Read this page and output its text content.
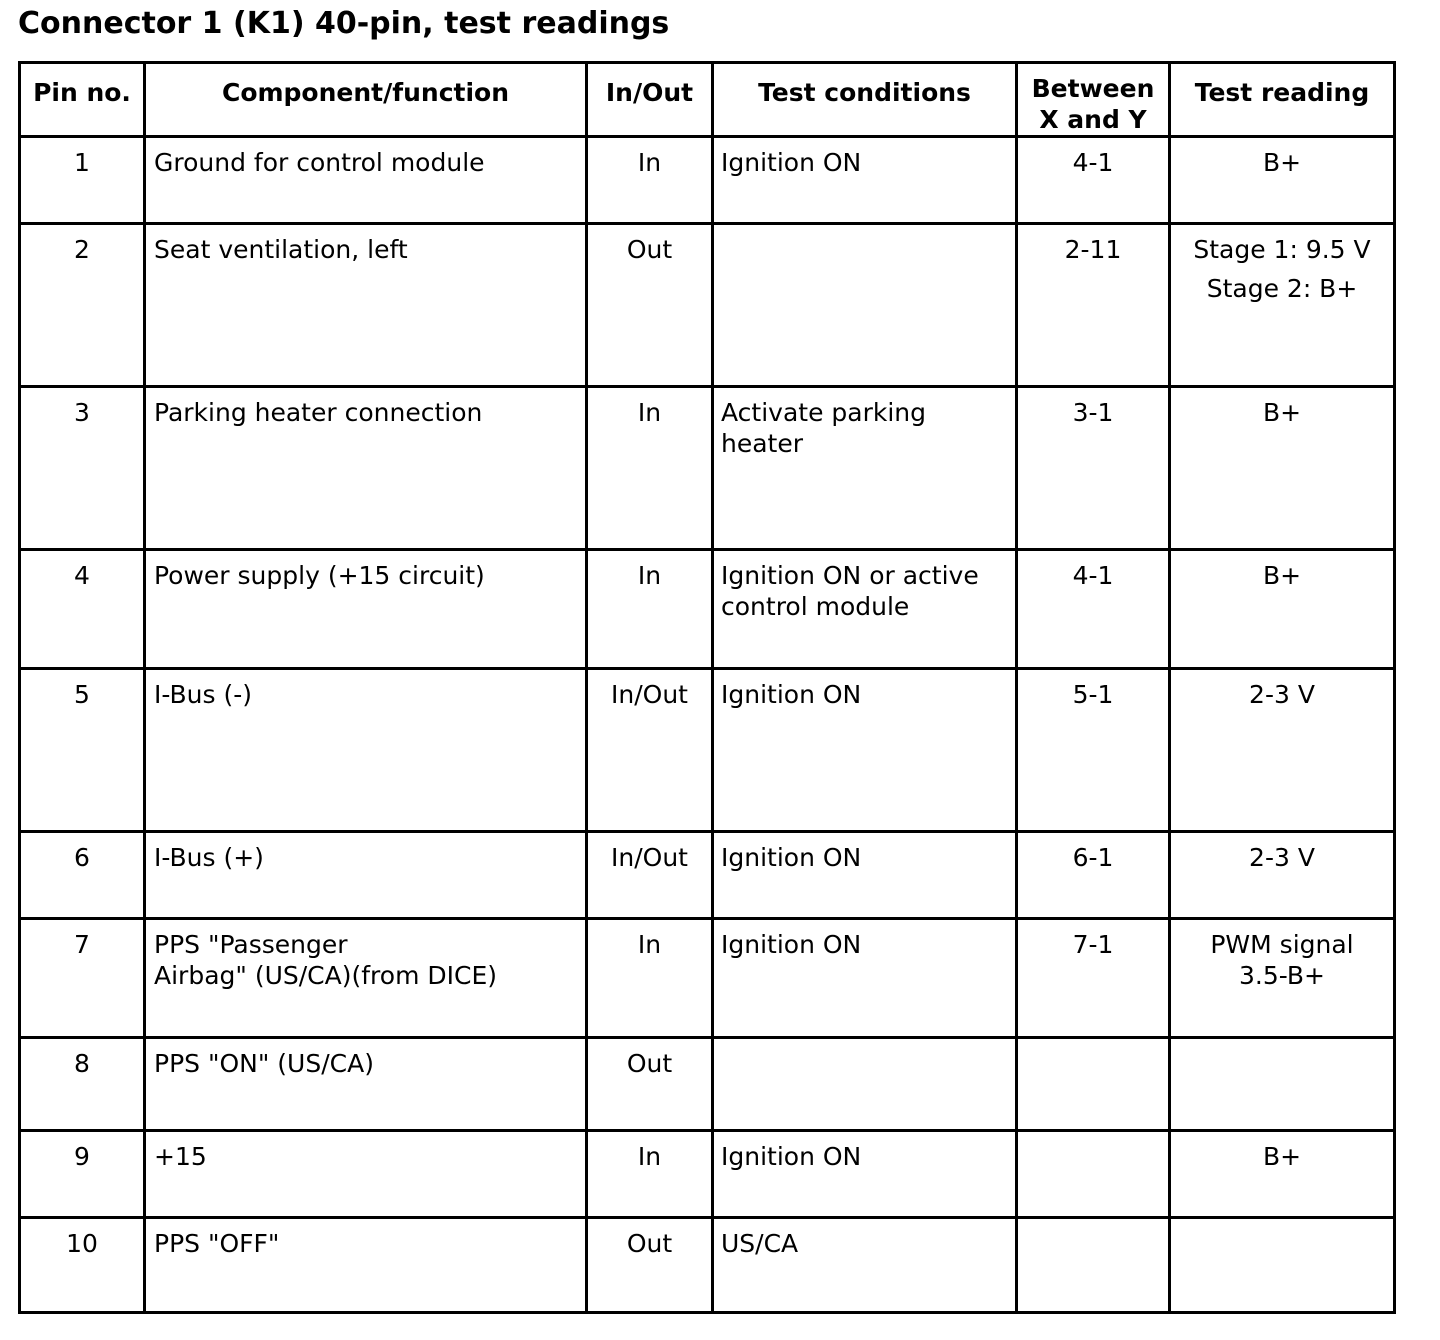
Connector 1 (K1) 40-pin, test readings
Pin no.	Component/function	In/Out	Test conditions	Between
X and Y	Test reading
1	Ground for control module	In	Ignition ON	4-1	B+
2	Seat ventilation, left	Out		2-11	Stage 1: 9.5 V
Stage 2: B+

3	Parking heater connection	In	Activate parking
heater	3-1	B+
4	Power supply (+15 circuit)	In	Ignition ON or active
control module	4-1	B+
5	I-Bus (-)	In/Out	Ignition ON	5-1	2-3 V
6	I-Bus (+)	In/Out	Ignition ON	6-1	2-3 V
7	PPS "Passenger
Airbag" (US/CA)(from DICE)	In	Ignition ON	7-1	PWM signal
3.5-B+

8	PPS "ON" (US/CA)	Out			
9	+15	In	Ignition ON		B+
10	PPS "OFF"	Out	US/CA		
